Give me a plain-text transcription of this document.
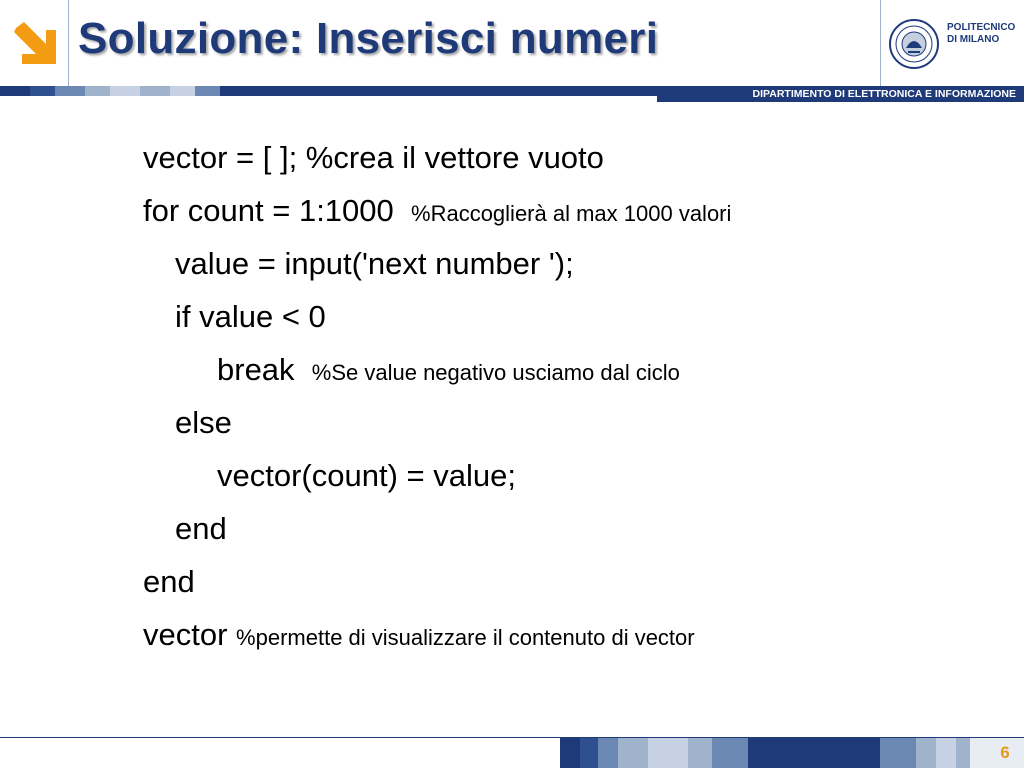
Soluzione: Inserisci numeri	POLITECNICO
DI MILANO
DIPARTIMENTO DI ELETTRONICA E INFORMAZIONE
vector = [ ]; %crea il vettore vuoto
for count = 1:1000 %Raccoglierà al max 1000 valori
value = input('next number ');
if value < 0
break %Se value negativo usciamo dal ciclo
else
vector(count) = value;
end
end
vector %permette di visualizzare il contenuto di vector
6
